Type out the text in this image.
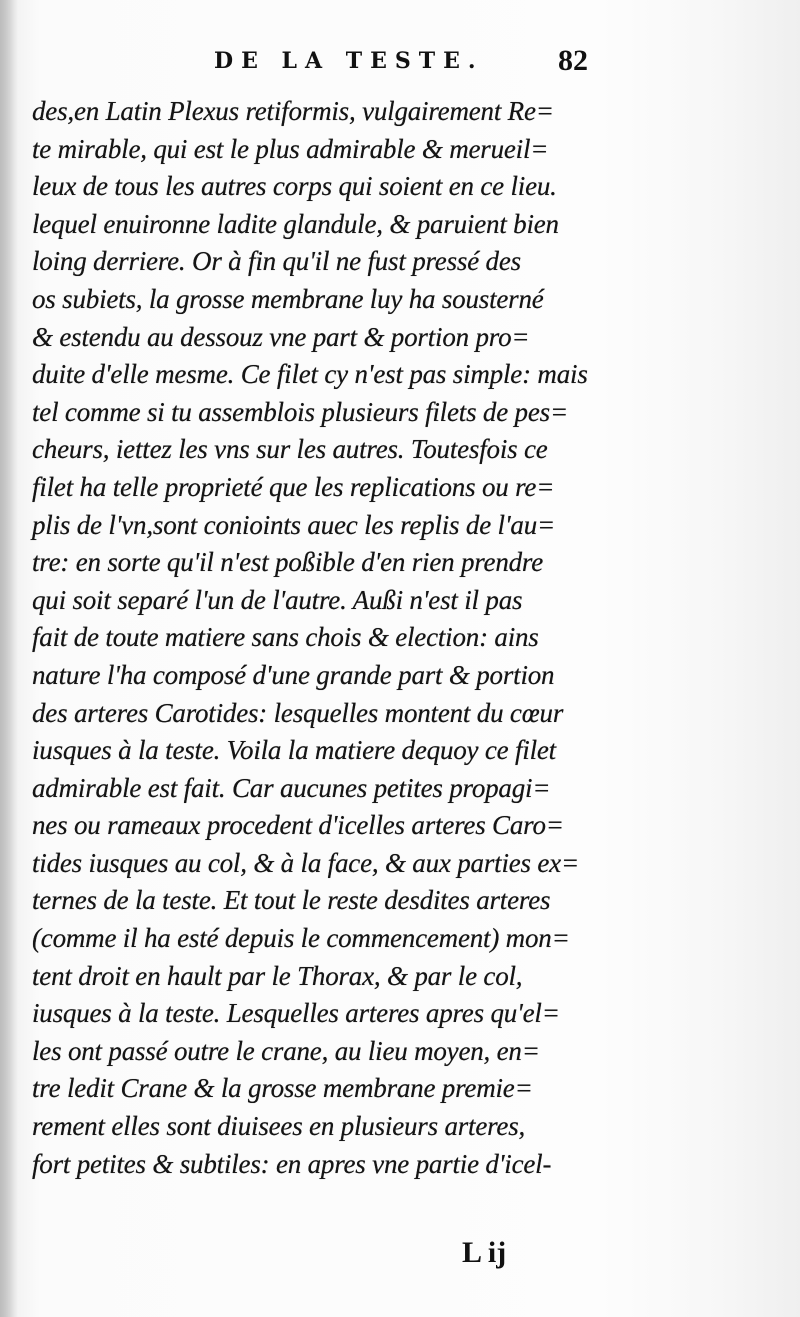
DE LA TESTE. 82
des,en Latin Plexus retiformis, vulgairement Re=
te mirable, qui est le plus admirable & merueil=
leux de tous les autres corps qui soient en ce lieu.
lequel enuironne ladite glandule, & paruient bien
loing derriere. Or à fin qu'il ne fust pressé des
os subiets, la grosse membrane luy ha sousterné
& estendu au dessouz vne part & portion pro=
duite d'elle mesme. Ce filet cy n'est pas simple: mais
tel comme si tu assemblois plusieurs filets de pes=
cheurs, iettez les vns sur les autres. Toutesfois ce
filet ha telle proprieté que les replications ou re=
plis de l'vn,sont conioints auec les replis de l'au=
tre: en sorte qu'il n'est poßible d'en rien prendre
qui soit separé l'un de l'autre. Außi n'est il pas
fait de toute matiere sans chois & election: ains
nature l'ha composé d'une grande part & portion
des arteres Carotides: lesquelles montent du cœur
iusques à la teste. Voila la matiere dequoy ce filet
admirable est fait. Car aucunes petites propagi=
nes ou rameaux procedent d'icelles arteres Caro=
tides iusques au col, & à la face, & aux parties ex=
ternes de la teste. Et tout le reste desdites arteres
(comme il ha esté depuis le commencement) mon=
tent droit en hault par le Thorax, & par le col,
iusques à la teste. Lesquelles arteres apres qu'el=
les ont passé outre le crane, au lieu moyen, en=
tre ledit Crane & la grosse membrane premie=
rement elles sont diuisees en plusieurs arteres,
fort petites & subtiles: en apres vne partie d'icel-
L ij
